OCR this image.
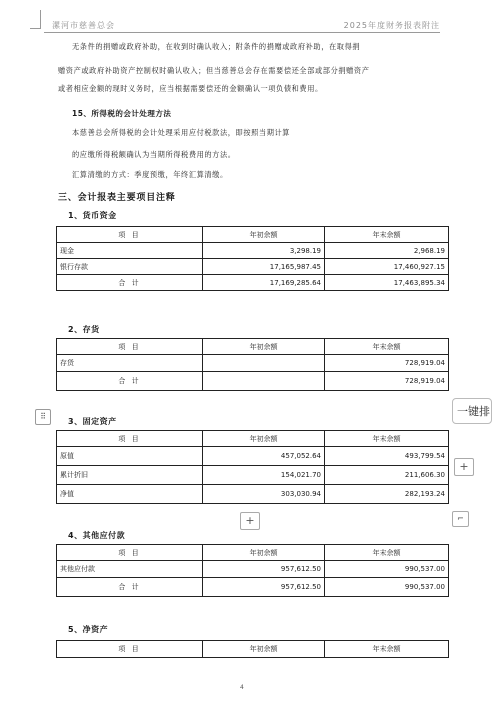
漯河市慈善总会	2025年度财务报表附注
无条件的捐赠或政府补助，在收到时确认收入；附条件的捐赠或政府补助，在取得捐
赠资产或政府补助资产控制权时确认收入；但当慈善总会存在需要偿还全部或部分捐赠资产
或者相应金额的现时义务时，应当根据需要偿还的金额确认一项负债和费用。
15、所得税的会计处理方法
本慈善总会所得税的会计处理采用应付税款法，即按照当期计算
的应缴所得税额确认为当期所得税费用的方法。
汇算清缴的方式：季度预缴，年终汇算清缴。
三、会计报表主要项目注释
1、货币资金
项 目	年初余额	年末余额
现金	3,298.19	2,968.19
银行存款	17,165,987.45	17,460,927.15
合 计	17,169,285.64	17,463,895.34
2、存货
项 目	年初余额	年末余额
存货		728,919.04
合 计		728,919.04
3、固定资产
项 目	年初余额	年末余额
原值	457,052.64	493,799.54
累计折旧	154,021.70	211,606.30
净值	303,030.94	282,193.24
4、其他应付款
项 目	年初余额	年末余额
其他应付款	957,612.50	990,537.00
合 计	957,612.50	990,537.00
5、净资产
项 目	年初余额	年末余额
4
⠿	一键排
+
+	⌐
